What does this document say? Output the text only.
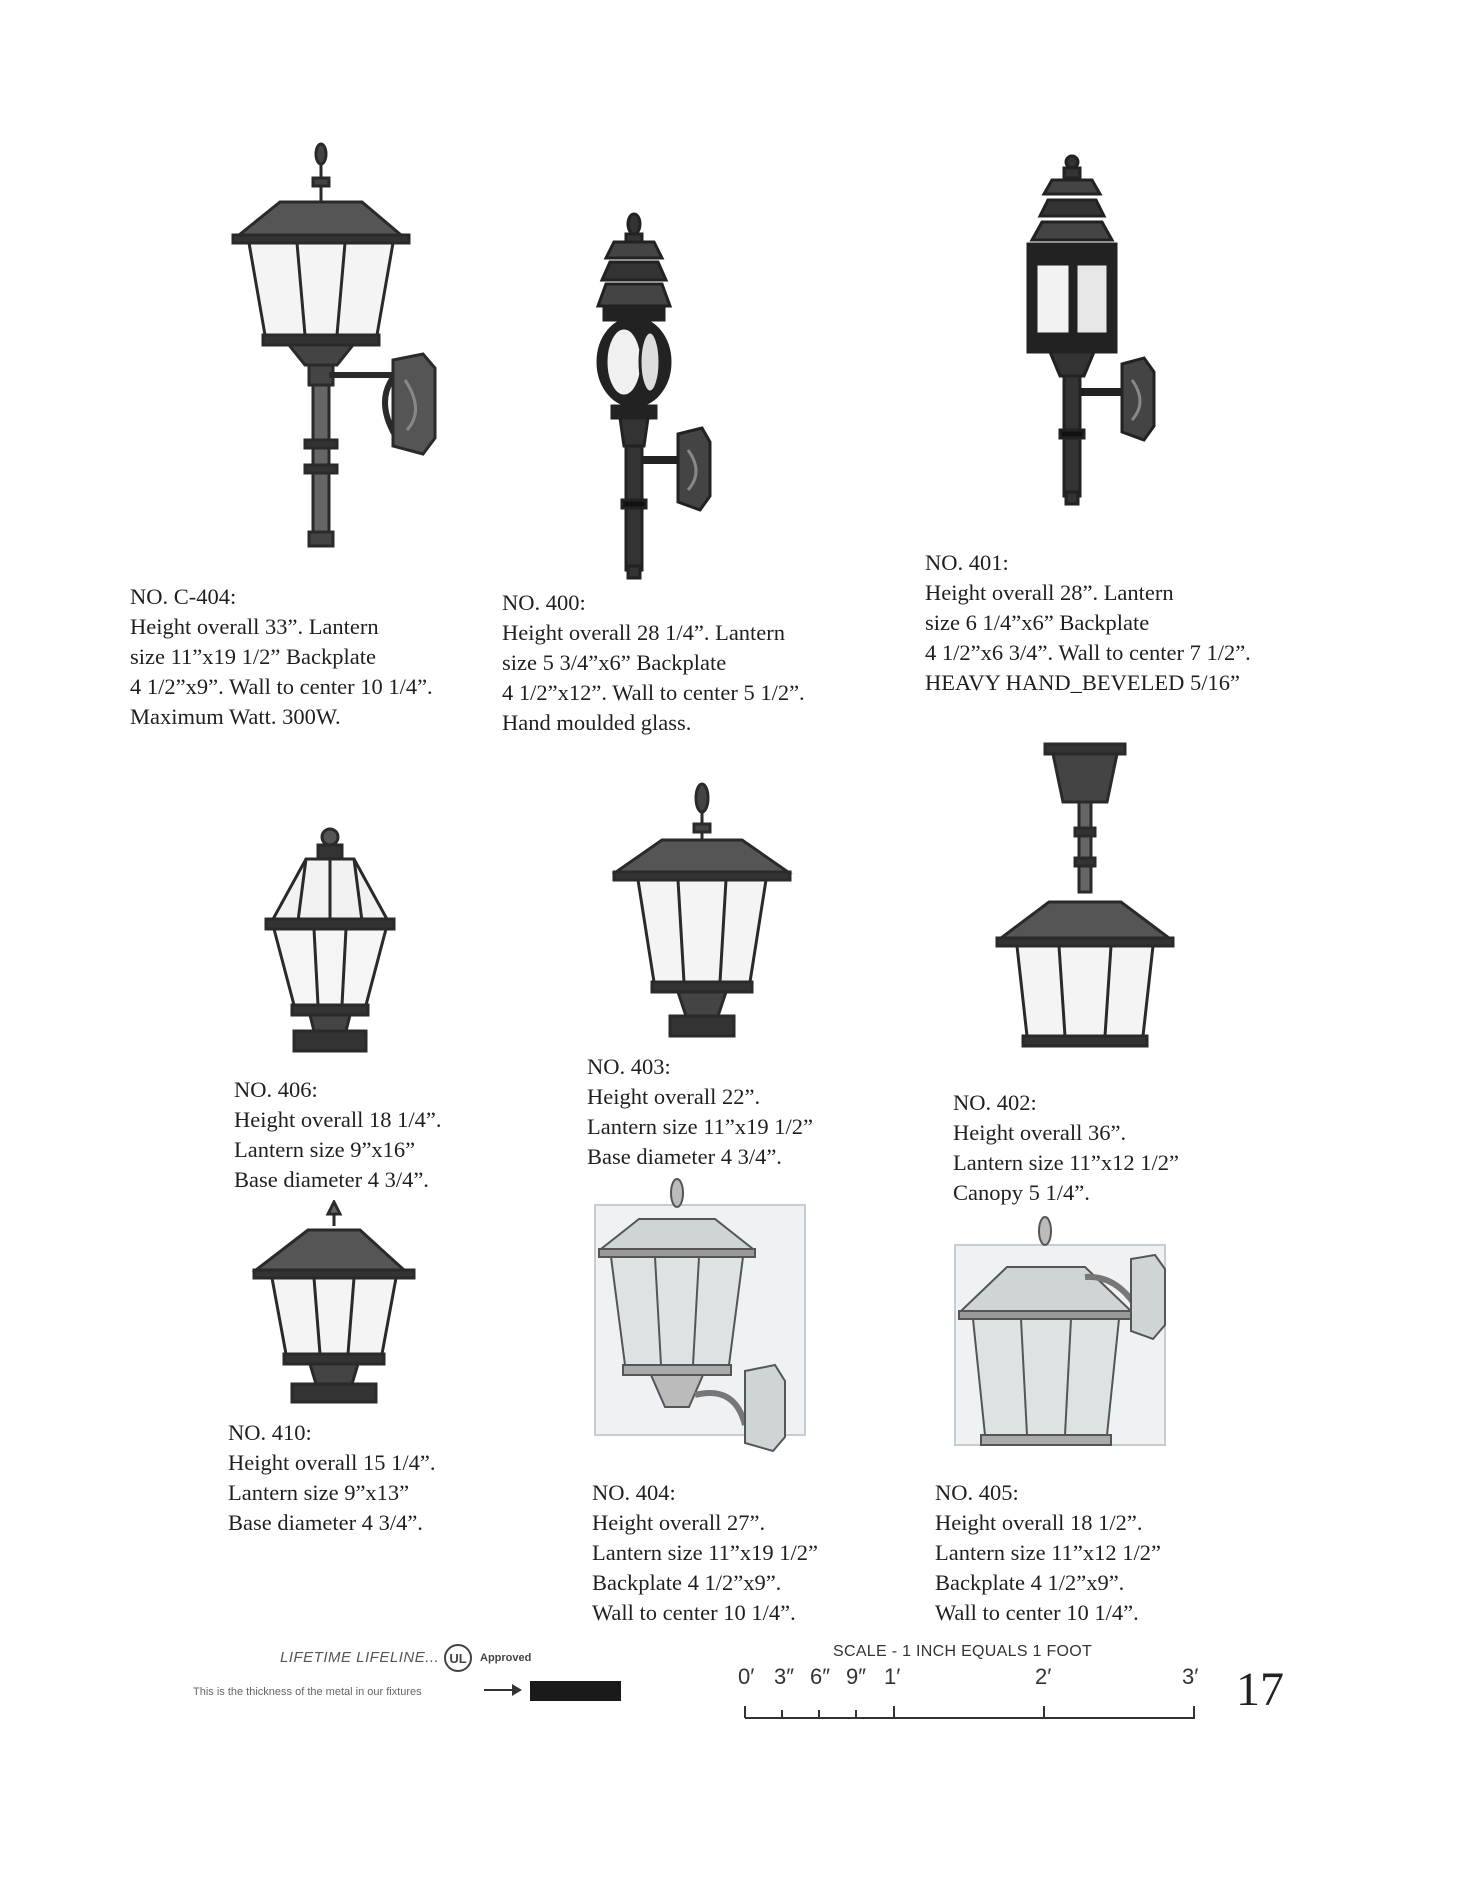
NO. C-404:
Height overall 33”. Lantern
size 11”x19 1/2” Backplate
4 1/2”x9”. Wall to center 10 1/4”.
Maximum Watt. 300W.
NO. 400:
Height overall 28 1/4”. Lantern
size 5 3/4”x6” Backplate
4 1/2”x12”. Wall to center 5 1/2”.
Hand moulded glass.
NO. 401:
Height overall 28”. Lantern
size 6 1/4”x6” Backplate
4 1/2”x6 3/4”. Wall to center 7 1/2”.
HEAVY HAND_BEVELED 5/16”
NO. 406:
Height overall 18 1/4”.
Lantern size 9”x16”
Base diameter 4 3/4”.
NO. 403:
Height overall 22”.
Lantern size 11”x19 1/2”
Base diameter 4 3/4”.
NO. 402:
Height overall 36”.
Lantern size 11”x12 1/2”
Canopy 5 1/4”.
NO. 410:
Height overall 15 1/4”.
Lantern size 9”x13”
Base diameter 4 3/4”.
NO. 404:
Height overall 27”.
Lantern size 11”x19 1/2”
Backplate 4 1/2”x9”.
Wall to center 10 1/4”.
NO. 405:
Height overall 18 1/2”.
Lantern size 11”x12 1/2”
Backplate 4 1/2”x9”.
Wall to center 10 1/4”.
LIFETIME LIFELINE... UL Approved
This is the thickness of the metal in our fixtures
SCALE - 1 INCH EQUALS 1 FOOT
0′ 3″ 6″ 9″ 1′	2′	3′ 17
